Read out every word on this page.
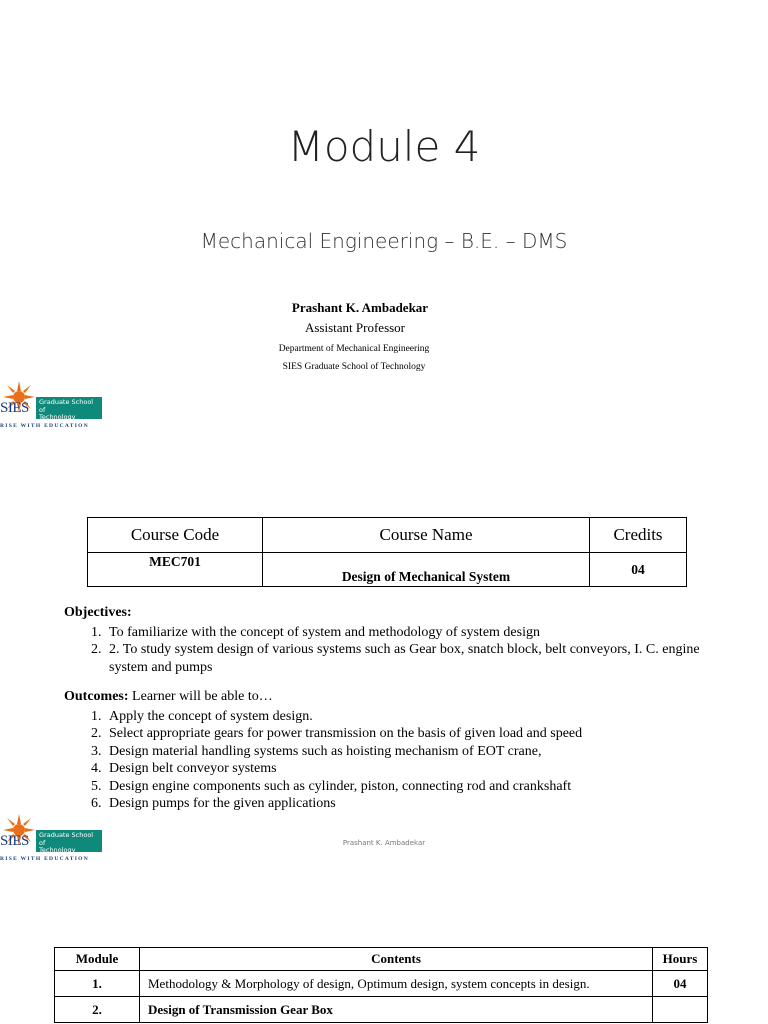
Module 4
Mechanical Engineering – B.E. – DMS
Prashant K. Ambadekar
Assistant Professor
Department of Mechanical Engineering
SIES Graduate School of Technology
SIES	Graduate School of
Technology
RISE WITH EDUCATION
Course Code	Course Name	Credits
MEC701	Design of Mechanical System	04
Objectives:
1. To familiarize with the concept of system and methodology of system design
2. 2. To study system design of various systems such as Gear box, snatch block, belt conveyors, I. C. engine system and pumps
Outcomes: Learner will be able to…
1. Apply the concept of system design.
2. Select appropriate gears for power transmission on the basis of given load and speed
3. Design material handling systems such as hoisting mechanism of EOT crane,
4. Design belt conveyor systems
5. Design engine components such as cylinder, piston, connecting rod and crankshaft
6. Design pumps for the given applications
SIES	Graduate School of
Technology
RISE WITH EDUCATION
Prashant K. Ambadekar
Module	Contents	Hours
1.	Methodology & Morphology of design, Optimum design, system concepts in design.	04
2.	Design of Transmission Gear Box	
